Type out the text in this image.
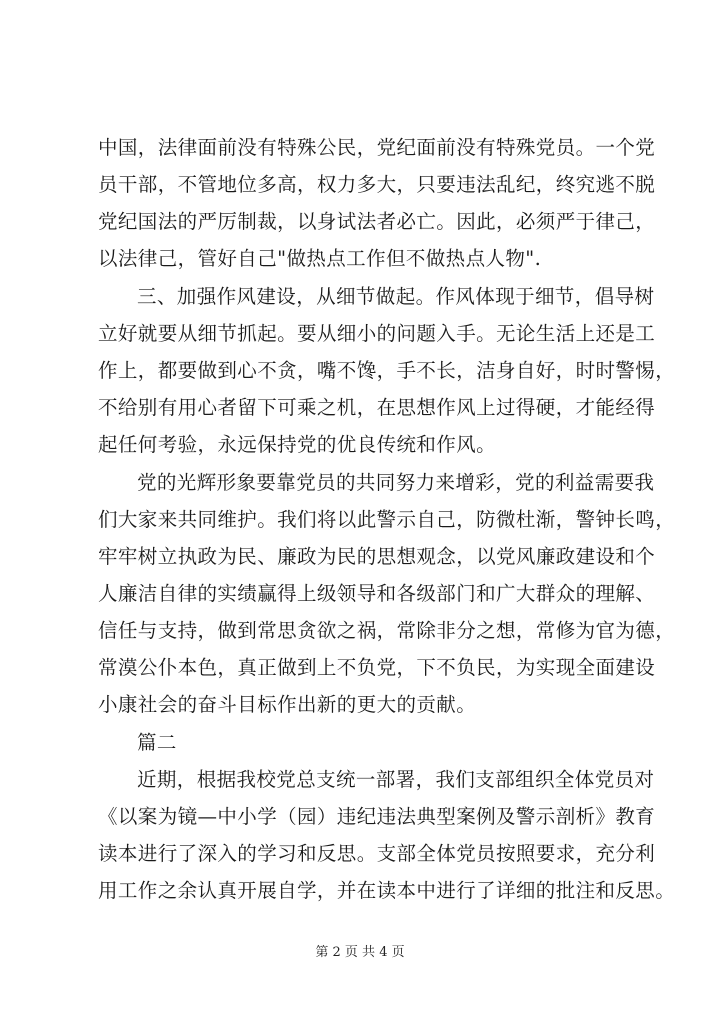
中国，法律面前没有特殊公民，党纪面前没有特殊党员。一个党
员干部，不管地位多高，权力多大，只要违法乱纪，终究逃不脱
党纪国法的严厉制裁，以身试法者必亡。因此，必须严于律己，
以法律己，管好自己"做热点工作但不做热点人物".
三、加强作风建设，从细节做起。作风体现于细节，倡导树
立好就要从细节抓起。要从细小的问题入手。无论生活上还是工
作上，都要做到心不贪，嘴不馋，手不长，洁身自好，时时警惕，
不给别有用心者留下可乘之机，在思想作风上过得硬，才能经得
起任何考验，永远保持党的优良传统和作风。
党的光辉形象要靠党员的共同努力来增彩，党的利益需要我
们大家来共同维护。我们将以此警示自己，防微杜渐，警钟长鸣，
牢牢树立执政为民、廉政为民的思想观念，以党风廉政建设和个
人廉洁自律的实绩赢得上级领导和各级部门和广大群众的理解、
信任与支持，做到常思贪欲之祸，常除非分之想，常修为官为德，
常漠公仆本色，真正做到上不负党，下不负民，为实现全面建设
小康社会的奋斗目标作出新的更大的贡献。
篇二
近期，根据我校党总支统一部署，我们支部组织全体党员对
《以案为镜—中小学（园）违纪违法典型案例及警示剖析》教育
读本进行了深入的学习和反思。支部全体党员按照要求，充分利
用工作之余认真开展自学，并在读本中进行了详细的批注和反思。
第 2 页 共 4 页
